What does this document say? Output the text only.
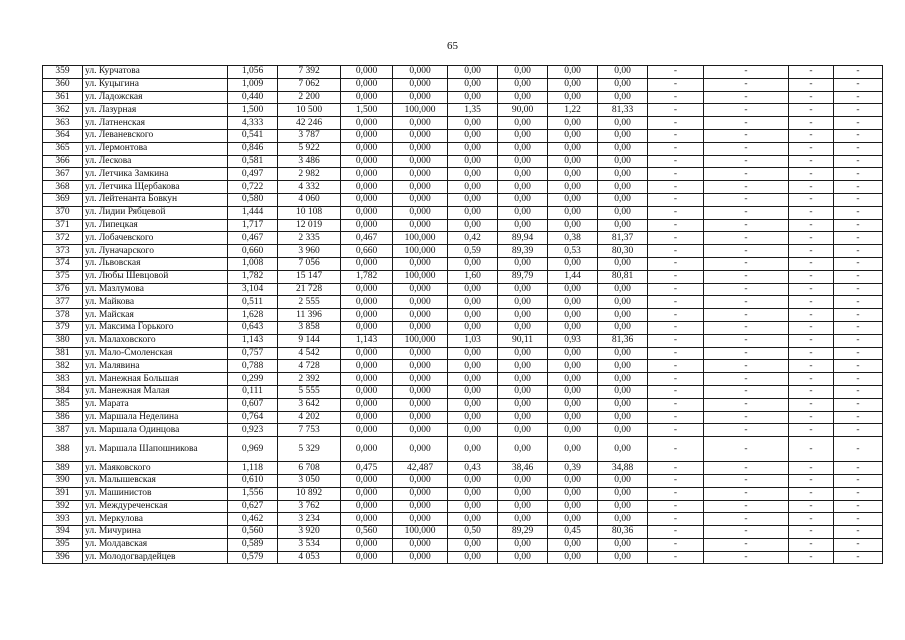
65
359	ул. Курчатова	1,056	7 392	0,000	0,000	0,00	0,00	0,00	0,00	-	-	-	-
360	ул. Куцыгина	1,009	7 062	0,000	0,000	0,00	0,00	0,00	0,00	-	-	-	-
361	ул. Ладожская	0,440	2 200	0,000	0,000	0,00	0,00	0,00	0,00	-	-	-	-
362	ул. Лазурная	1,500	10 500	1,500	100,000	1,35	90,00	1,22	81,33	-	-	-	-
363	ул. Латненская	4,333	42 246	0,000	0,000	0,00	0,00	0,00	0,00	-	-	-	-
364	ул. Леваневского	0,541	3 787	0,000	0,000	0,00	0,00	0,00	0,00	-	-	-	-
365	ул. Лермонтова	0,846	5 922	0,000	0,000	0,00	0,00	0,00	0,00	-	-	-	-
366	ул. Лескова	0,581	3 486	0,000	0,000	0,00	0,00	0,00	0,00	-	-	-	-
367	ул. Летчика Замкина	0,497	2 982	0,000	0,000	0,00	0,00	0,00	0,00	-	-	-	-
368	ул. Летчика Щербакова	0,722	4 332	0,000	0,000	0,00	0,00	0,00	0,00	-	-	-	-
369	ул. Лейтенанта Бовкун	0,580	4 060	0,000	0,000	0,00	0,00	0,00	0,00	-	-	-	-
370	ул. Лидии Рябцевой	1,444	10 108	0,000	0,000	0,00	0,00	0,00	0,00	-	-	-	-
371	ул. Липецкая	1,717	12 019	0,000	0,000	0,00	0,00	0,00	0,00	-	-	-	-
372	ул. Лобачевского	0,467	2 335	0,467	100,000	0,42	89,94	0,38	81,37	-	-	-	-
373	ул. Луначарского	0,660	3 960	0,660	100,000	0,59	89,39	0,53	80,30	-	-	-	-
374	ул. Львовская	1,008	7 056	0,000	0,000	0,00	0,00	0,00	0,00	-	-	-	-
375	ул. Любы Шевцовой	1,782	15 147	1,782	100,000	1,60	89,79	1,44	80,81	-	-	-	-
376	ул. Мазлумова	3,104	21 728	0,000	0,000	0,00	0,00	0,00	0,00	-	-	-	-
377	ул. Майкова	0,511	2 555	0,000	0,000	0,00	0,00	0,00	0,00	-	-	-	-
378	ул. Майская	1,628	11 396	0,000	0,000	0,00	0,00	0,00	0,00	-	-	-	-
379	ул. Максима Горького	0,643	3 858	0,000	0,000	0,00	0,00	0,00	0,00	-	-	-	-
380	ул. Малаховского	1,143	9 144	1,143	100,000	1,03	90,11	0,93	81,36	-	-	-	-
381	ул. Мало-Смоленская	0,757	4 542	0,000	0,000	0,00	0,00	0,00	0,00	-	-	-	-
382	ул. Малявина	0,788	4 728	0,000	0,000	0,00	0,00	0,00	0,00	-	-	-	-
383	ул. Манежная Большая	0,299	2 392	0,000	0,000	0,00	0,00	0,00	0,00	-	-	-	-
384	ул. Манежная Малая	0,111	5 555	0,000	0,000	0,00	0,00	0,00	0,00	-	-	-	-
385	ул. Марата	0,607	3 642	0,000	0,000	0,00	0,00	0,00	0,00	-	-	-	-
386	ул. Маршала Неделина	0,764	4 202	0,000	0,000	0,00	0,00	0,00	0,00	-	-	-	-
387	ул. Маршала Одинцова	0,923	7 753	0,000	0,000	0,00	0,00	0,00	0,00	-	-	-	-
388	ул. Маршала Шапошникова	0,969	5 329	0,000	0,000	0,00	0,00	0,00	0,00	-	-	-	-
389	ул. Маяковского	1,118	6 708	0,475	42,487	0,43	38,46	0,39	34,88	-	-	-	-
390	ул. Малышевская	0,610	3 050	0,000	0,000	0,00	0,00	0,00	0,00	-	-	-	-
391	ул. Машинистов	1,556	10 892	0,000	0,000	0,00	0,00	0,00	0,00	-	-	-	-
392	ул. Междуреченская	0,627	3 762	0,000	0,000	0,00	0,00	0,00	0,00	-	-	-	-
393	ул. Меркулова	0,462	3 234	0,000	0,000	0,00	0,00	0,00	0,00	-	-	-	-
394	ул. Мичурина	0,560	3 920	0,560	100,000	0,50	89,29	0,45	80,36	-	-	-	-
395	ул. Молдавская	0,589	3 534	0,000	0,000	0,00	0,00	0,00	0,00	-	-	-	-
396	ул. Молодогвардейцев	0,579	4 053	0,000	0,000	0,00	0,00	0,00	0,00	-	-	-	-
